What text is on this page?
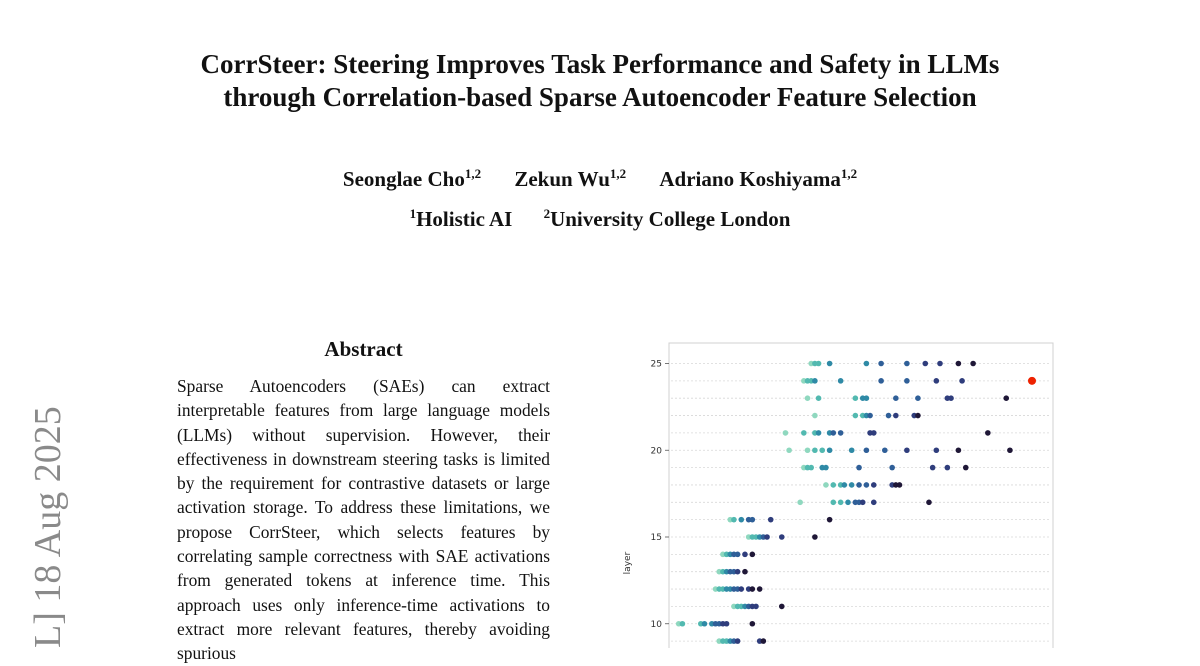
CorrSteer: Steering Improves Task Performance and Safety in LLMs
through Correlation-based Sparse Autoencoder Feature Selection
Seonglae Cho$^{1,2}$ Zekun Wu$^{1,2}$ Adriano Koshiyama$^{1,2}$
$^1$Holistic AI $^2$University College London
L] 18 Aug 2025
Abstract
Sparse Autoencoders (SAEs) can extract interpretable features from large language models (LLMs) without supervision. However, their effectiveness in downstream steering tasks is limited by the requirement for contrastive datasets or large activation storage. To address these limitations, we propose CorrSteer, which selects features by correlating sample correctness with SAE activations from generated tokens at inference time. This approach uses only inference-time activations to extract more relevant features, thereby avoiding spurious
10
15
20
25
layer
